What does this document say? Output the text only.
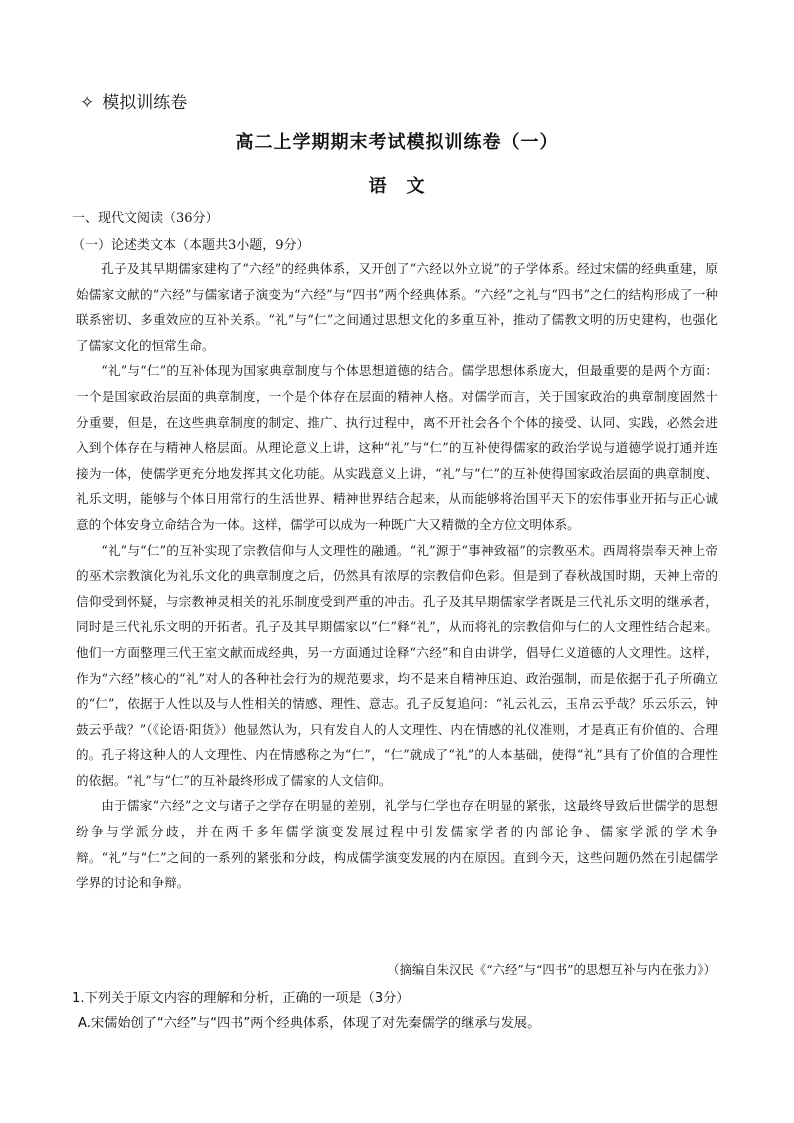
✧ 模拟训练卷
高二上学期期末考试模拟训练卷（一）
语　文
一、现代文阅读（36分）
（一）论述类文本（本题共3小题，9分）

孔子及其早期儒家建构了“六经”的经典体系，又开创了“六经以外立说”的子学体系。经过宋儒的经典重建，原始儒家文献的“六经”与儒家诸子演变为“六经”与“四书”两个经典体系。“六经”之礼与“四书”之仁的结构形成了一种联系密切、多重效应的互补关系。“礼”与“仁”之间通过思想文化的多重互补，推动了儒教文明的历史建构，也强化了儒家文化的恒常生命。

“礼”与“仁”的互补体现为国家典章制度与个体思想道德的结合。儒学思想体系庞大，但最重要的是两个方面：一个是国家政治层面的典章制度，一个是个体存在层面的精神人格。对儒学而言，关于国家政治的典章制度固然十分重要，但是，在这些典章制度的制定、推广、执行过程中，离不开社会各个个体的接受、认同、实践，必然会进入到个体存在与精神人格层面。从理论意义上讲，这种“礼”与“仁”的互补使得儒家的政治学说与道德学说打通并连接为一体，使儒学更充分地发挥其文化功能。从实践意义上讲，“礼”与“仁”的互补使得国家政治层面的典章制度、礼乐文明，能够与个体日用常行的生活世界、精神世界结合起来，从而能够将治国平天下的宏伟事业开拓与正心诚意的个体安身立命结合为一体。这样，儒学可以成为一种既广大又精微的全方位文明体系。

“礼”与“仁”的互补实现了宗教信仰与人文理性的融通。“礼”源于“事神致福”的宗教巫术。西周将崇奉天神上帝的巫术宗教演化为礼乐文化的典章制度之后，仍然具有浓厚的宗教信仰色彩。但是到了春秋战国时期，天神上帝的信仰受到怀疑，与宗教神灵相关的礼乐制度受到严重的冲击。孔子及其早期儒家学者既是三代礼乐文明的继承者，同时是三代礼乐文明的开拓者。孔子及其早期儒家以“仁”释“礼”，从而将礼的宗教信仰与仁的人文理性结合起来。他们一方面整理三代王室文献而成经典，另一方面通过诠释“六经”和自由讲学，倡导仁义道德的人文理性。这样，作为“六经”核心的“礼”对人的各种社会行为的规范要求，均不是来自精神压迫、政治强制，而是依据于孔子所确立的“仁”，依据于人性以及与人性相关的情感、理性、意志。孔子反复追问：“礼云礼云，玉帛云乎哉？乐云乐云，钟鼓云乎哉？”（《论语·阳货》）他显然认为，只有发自人的人文理性、内在情感的礼仪准则，才是真正有价值的、合理的。孔子将这种人的人文理性、内在情感称之为“仁”，“仁”就成了“礼”的人本基础，使得“礼”具有了价值的合理性的依据。“礼”与“仁”的互补最终形成了儒家的人文信仰。

由于儒家“六经”之文与诸子之学存在明显的差别，礼学与仁学也存在明显的紧张，这最终导致后世儒学的思想纷争与学派分歧，并在两千多年儒学演变发展过程中引发儒家学者的内部论争、儒家学派的学术争辩。“礼”与“仁”之间的一系列的紧张和分歧，构成儒学演变发展的内在原因。直到今天，这些问题仍然在引起儒学学界的讨论和争辩。

（摘编自朱汉民《“六经”与“四书”的思想互补与内在张力》）
1.下列关于原文内容的理解和分析，正确的一项是（3分）
A.宋儒始创了“六经”与“四书”两个经典体系，体现了对先秦儒学的继承与发展。
